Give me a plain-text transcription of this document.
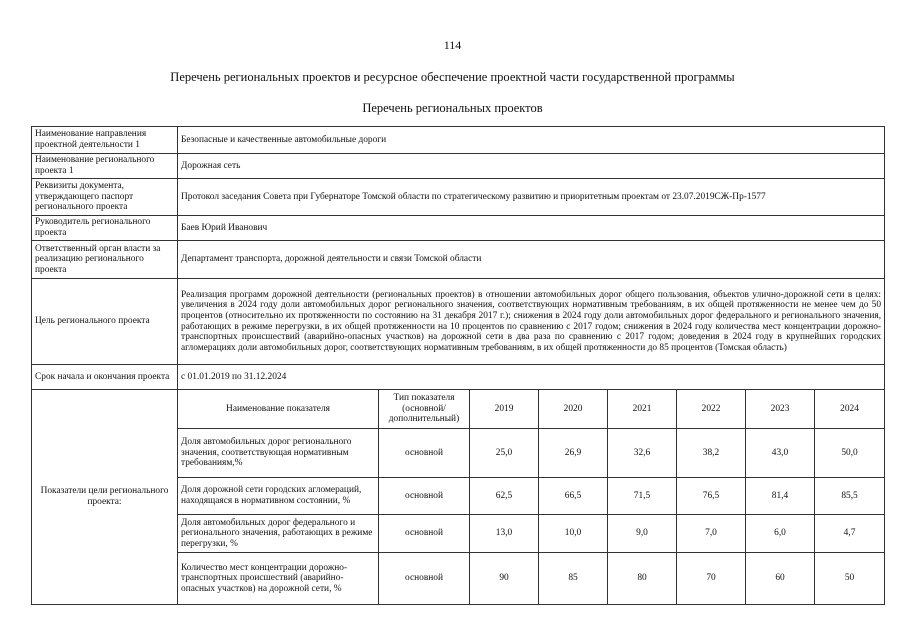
114
Перечень региональных проектов и ресурсное обеспечение проектной части государственной программы
Перечень региональных проектов
Наименование направления проектной деятельности 1	Безопасные и качественные автомобильные дороги							
Наименование регионального проекта 1	Дорожная сеть							
Реквизиты документа, утверждающего паспорт регионального проекта	Протокол заседания Совета при Губернаторе Томской области по стратегическому развитию и приоритетным проектам от 23.07.2019СЖ-Пр-1577							
Руководитель регионального проекта	Баев Юрий Иванович							
Ответственный орган власти за реализацию регионального проекта	Департамент транспорта, дорожной деятельности и связи Томской области							
Цель регионального проекта	Реализация программ дорожной деятельности (региональных проектов) в отношении автомобильных дорог общего пользования, объектов улично-дорожной сети в целях: увеличения в 2024 году доли автомобильных дорог регионального значения, соответствующих нормативным требованиям, в их общей протяженности не менее чем до 50 процентов (относительно их протяженности по состоянию на 31 декабря 2017 г.); снижения в 2024 году доли автомобильных дорог федерального и регионального значения, работающих в режиме перегрузки, в их общей протяженности на 10 процентов по сравнению с 2017 годом; снижения в 2024 году количества мест концентрации дорожно-транспортных происшествий (аварийно-опасных участков) на дорожной сети в два раза по сравнению с 2017 годом; доведения в 2024 году в крупнейших городских агломерациях доли автомобильных дорог, соответствующих нормативным требованиям, в их общей протяженности до 85 процентов (Томская область)							
Срок начала и окончания проекта	с 01.01.2019 по 31.12.2024							
Показатели цели регионального проекта:	Наименование показателя	Тип показателя (основной/дополнительный)	2019	2020	2021	2022	2023	2024
	Доля автомобильных дорог регионального значения, соответствующая нормативным требованиям,%	основной	25,0	26,9	32,6	38,2	43,0	50,0
	Доля дорожной сети городских агломераций, находящаяся в нормативном состоянии, %	основной	62,5	66,5	71,5	76,5	81,4	85,5
	Доля автомобильных дорог федерального и регионального значения, работающих в режиме перегрузки, %	основной	13,0	10,0	9,0	7,0	6,0	4,7
	Количество мест концентрации дорожно-транспортных происшествий (аварийно-опасных участков) на дорожной сети, %	основной	90	85	80	70	60	50
